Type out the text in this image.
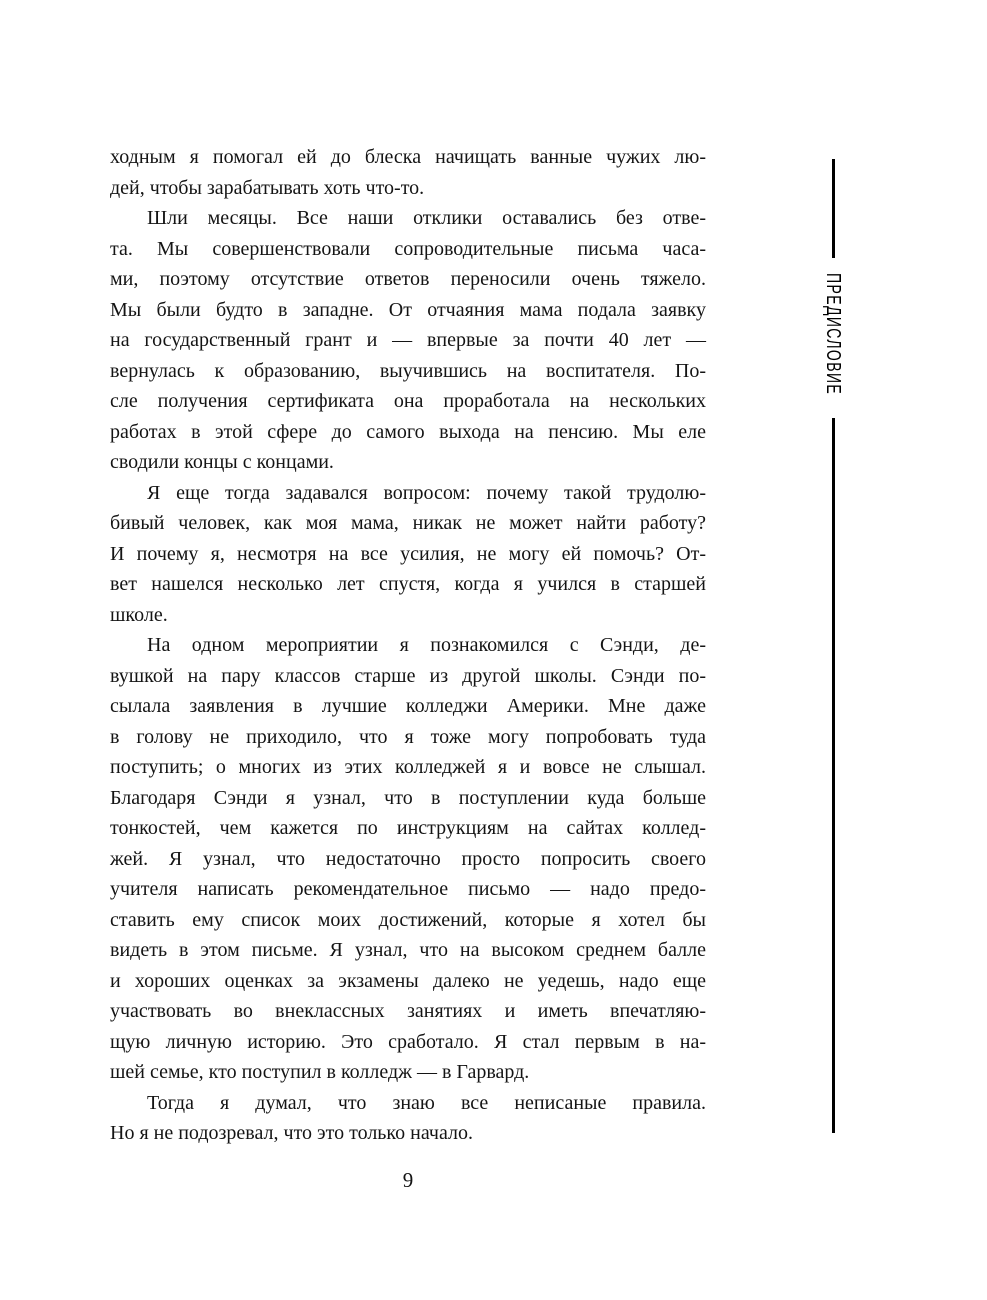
ходным я помогал ей до блеска начищать ванные чужих лю-
дей, чтобы зарабатывать хоть что-то.
Шли месяцы. Все наши отклики оставались без отве-
та. Мы совершенствовали сопроводительные письма часа-
ми, поэтому отсутствие ответов переносили очень тяжело.
Мы были будто в западне. От отчаяния мама подала заявку
на государственный грант и — впервые за почти 40 лет —
вернулась к образованию, выучившись на воспитателя. По-
сле получения сертификата она проработала на нескольких
работах в этой сфере до самого выхода на пенсию. Мы еле
сводили концы с концами.
Я еще тогда задавался вопросом: почему такой трудолю-
бивый человек, как моя мама, никак не может найти работу?
И почему я, несмотря на все усилия, не могу ей помочь? От-
вет нашелся несколько лет спустя, когда я учился в старшей
школе.
На одном мероприятии я познакомился с Сэнди, де-
вушкой на пару классов старше из другой школы. Сэнди по-
сылала заявления в лучшие колледжи Америки. Мне даже
в голову не приходило, что я тоже могу попробовать туда
поступить; о многих из этих колледжей я и вовсе не слышал.
Благодаря Сэнди я узнал, что в поступлении куда больше
тонкостей, чем кажется по инструкциям на сайтах коллед-
жей. Я узнал, что недостаточно просто попросить своего
учителя написать рекомендательное письмо — надо предо-
ставить ему список моих достижений, которые я хотел бы
видеть в этом письме. Я узнал, что на высоком среднем балле
и хороших оценках за экзамены далеко не уедешь, надо еще
участвовать во внеклассных занятиях и иметь впечатляю-
щую личную историю. Это сработало. Я стал первым в на-
шей семье, кто поступил в колледж — в Гарвард.
Тогда я думал, что знаю все неписаные правила.
Но я не подозревал, что это только начало.
ПРЕДИСЛОВИЕ
9
